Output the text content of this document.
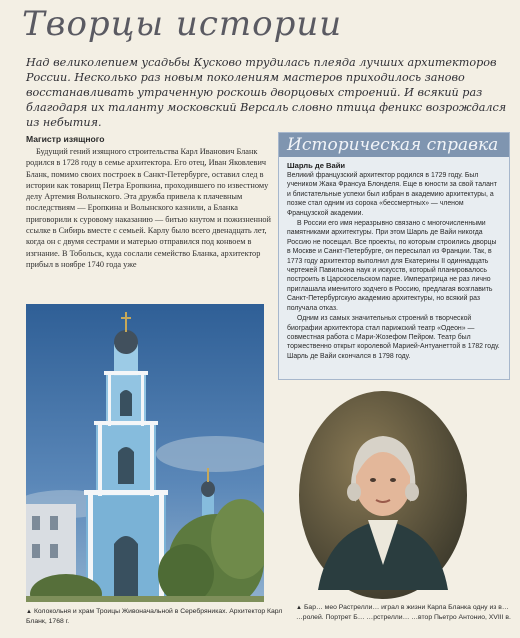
Творцы истории

Над великолепием усадьбы Кусково трудилась плеяда лучших архитекторов России. Несколько раз новым поколениям мастеров приходилось заново восстанавливать утраченную роскошь дворцовых строений. И всякий раз благодаря их таланту московский Версаль словно птица феникс возрождался из небытия.

Магистр изящного

Будущий гений изящного строительства Карл Иванович Бланк родился в 1728 году в семье архитектора. Его отец, Иван Яковлевич Бланк, помимо своих построек в Санкт-Петербурге, оставил след в истории как товарищ Петра Еропкина, проходившего по известному делу Артемия Волынского. Эта дружба привела к плачевным последствиям — Еропкина и Волынского казнили, а Бланка приговорили к суровому наказанию — битью кнутом и пожизненной ссылке в Сибирь вместе с семьей. Карлу было всего двенадцать лет, когда он с двумя сестрами и матерью отправился под конвоем в изгнание. В Тобольск, куда сослали семейство Бланка, архитектор прибыл в ноябре 1740 года уже

Историческая справка
Шарль де Вайи

Великий французский архитектор родился в 1729 году. Был учеником Жака Франсуа Блонделя. Еще в юности за свой талант и блистательные успехи был избран в академию архитектуры, а позже стал одним из сорока «бессмертных» — членом Французской академии.

В России его имя неразрывно связано с многочисленными памятниками архитектуры. При этом Шарль де Вайи никогда Россию не посещал. Все проекты, по которым строились дворцы в Москве и Санкт-Петербурге, он пересылал из Франции. Так, в 1773 году архитектор выполнил для Екатерины II одиннадцать чертежей Павильона наук и искусств, который планировалось построить в Царскосельском парке. Императрица не раз лично приглашала именитого зодчего в Россию, предлагая возглавить Санкт-Петербургскую академию архитектуры, но всякий раз получала отказ.

Одним из самых значительных строений в творческой биографии архитектора стал парижский театр «Одеон» — совместная работа с Мари-Жозефом Пейром. Театр был торжественно открыт королевой Марией-Антуанеттой в 1782 году. Шарль де Вайи скончался в 1798 году.

▲ Колокольня и храм Троицы Живоначальной в Серебряниках. Архитектор Карл Бланк, 1768 г.
▲ Бар… мео Растрелли… играл в жизни Карла Бланка одну из в… …ролей. Портрет Б… …рстрелли… …втор Пьетро Антонио, XVIII в.
